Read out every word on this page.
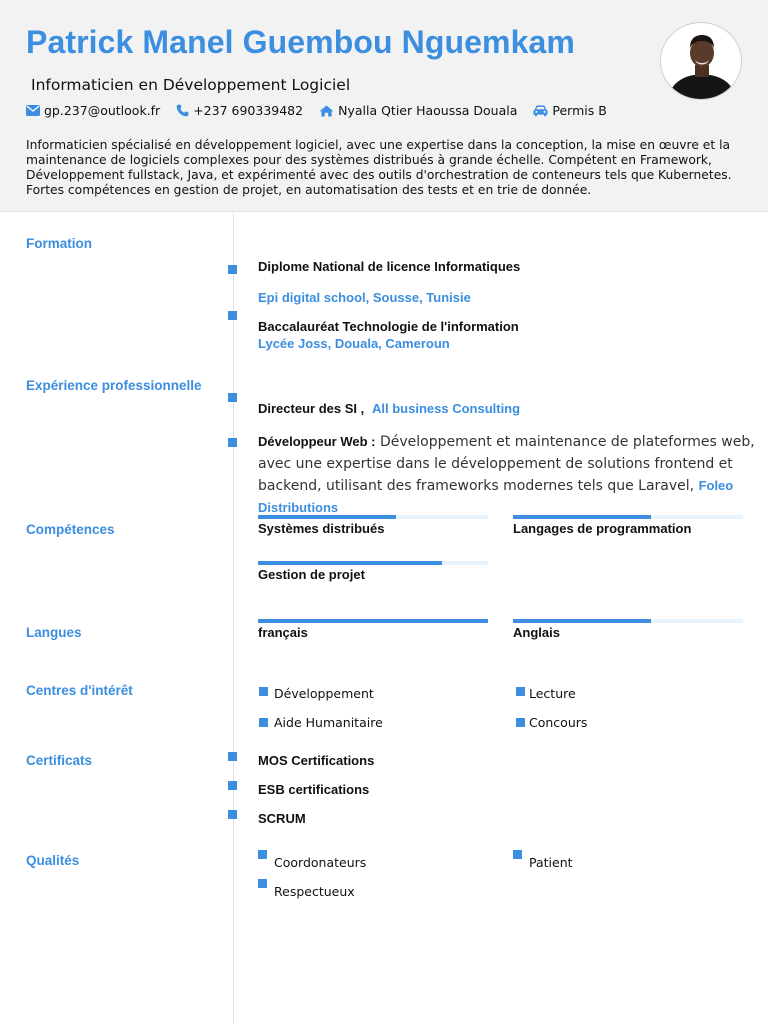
Patrick Manel Guembou Nguemkam
Informaticien en Développement Logiciel
gp.237@outlook.fr	+237 690339482	Nyalla Qtier Haoussa Douala	Permis B
Informaticien spécialisé en développement logiciel, avec une expertise dans la conception, la mise en œuvre et la maintenance de logiciels complexes pour des systèmes distribués à grande échelle. Compétent en Framework, Développement fullstack, Java, et expérimenté avec des outils d'orchestration de conteneurs tels que Kubernetes. Fortes compétences en gestion de projet, en automatisation des tests et en trie de donnée.
Formation
Diplome National de licence Informatiques
Epi digital school, Sousse, Tunisie
Baccalauréat Technologie de l'information
Lycée Joss, Douala, Cameroun
Expérience professionnelle
Directeur des SI , All business Consulting
Développeur Web : Développement et maintenance de plateformes web, avec une expertise dans le développement de solutions frontend et backend, utilisant des frameworks modernes tels que Laravel, Foleo Distributions
Compétences	Systèmes distribués	Langages de programmation
Gestion de projet
Langues	français	Anglais
Centres d'intérêt	Développement	Lecture
Aide Humanitaire	Concours
Certificats	MOS Certifications
ESB certifications
SCRUM
Qualités	Coordonateurs	Patient
Respectueux
